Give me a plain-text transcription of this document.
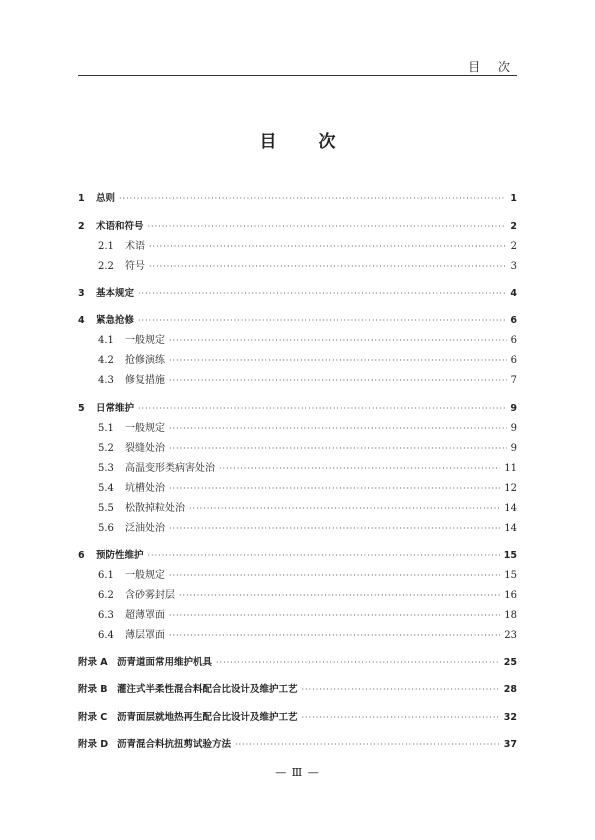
目 次
目 次
1	总则 ·····	1
2	术语和符号 ·····	2
2.1	术语 ·····	2
2.2	符号 ·····	3
3	基本规定 ·····	4
4	紧急抢修 ·····	6
4.1	一般规定 ·····	6
4.2	抢修演练 ·····	6
4.3	修复措施 ·····	7
5	日常维护 ·····	9
5.1	一般规定 ·····	9
5.2	裂缝处治 ·····	9
5.3	高温变形类病害处治 ·····	11
5.4	坑槽处治 ·····	12
5.5	松散掉粒处治 ·····	14
5.6	泛油处治 ·····	14
6	预防性维护 ·····	15
6.1	一般规定 ·····	15
6.2	含砂雾封层 ·····	16
6.3	超薄罩面 ·····	18
6.4	薄层罩面 ·····	23
附录 A 沥青道面常用维护机具 ·····	25
附录 B 灌注式半柔性混合料配合比设计及维护工艺 ·····	28
附录 C	沥青面层就地热再生配合比设计及维护工艺 ·····	32
附录 D 沥青混合料抗扭剪试验方法 ·····	37
— Ⅲ —
